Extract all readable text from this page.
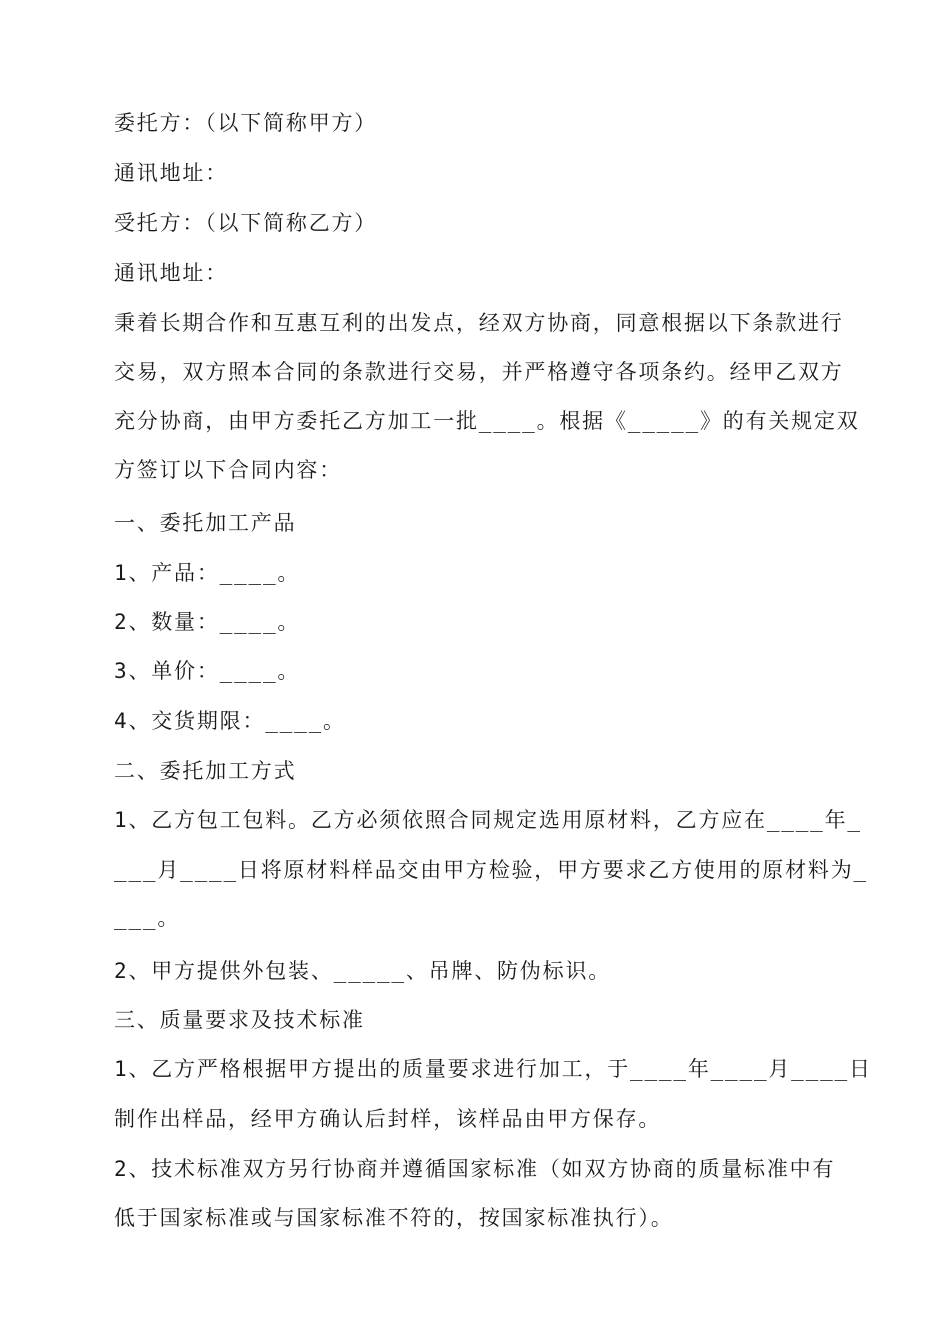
委托方：（以下简称甲方）

通讯地址：

受托方：（以下简称乙方）

通讯地址：

秉着长期合作和互惠互利的出发点，经双方协商，同意根据以下条款进行

交易，双方照本合同的条款进行交易，并严格遵守各项条约。经甲乙双方

充分协商，由甲方委托乙方加工一批____。根据《_____》的有关规定双

方签订以下合同内容：

一、委托加工产品

1、产品：____。

2、数量：____。

3、单价：____。

4、交货期限：____。

二、委托加工方式

1、乙方包工包料。乙方必须依照合同规定选用原材料，乙方应在____年_

___月____日将原材料样品交由甲方检验，甲方要求乙方使用的原材料为_

___。

2、甲方提供外包装、_____、吊牌、防伪标识。

三、质量要求及技术标准

1、乙方严格根据甲方提出的质量要求进行加工，于____年____月____日

制作出样品，经甲方确认后封样，该样品由甲方保存。

2、技术标准双方另行协商并遵循国家标准（如双方协商的质量标准中有

低于国家标准或与国家标准不符的，按国家标准执行）。
